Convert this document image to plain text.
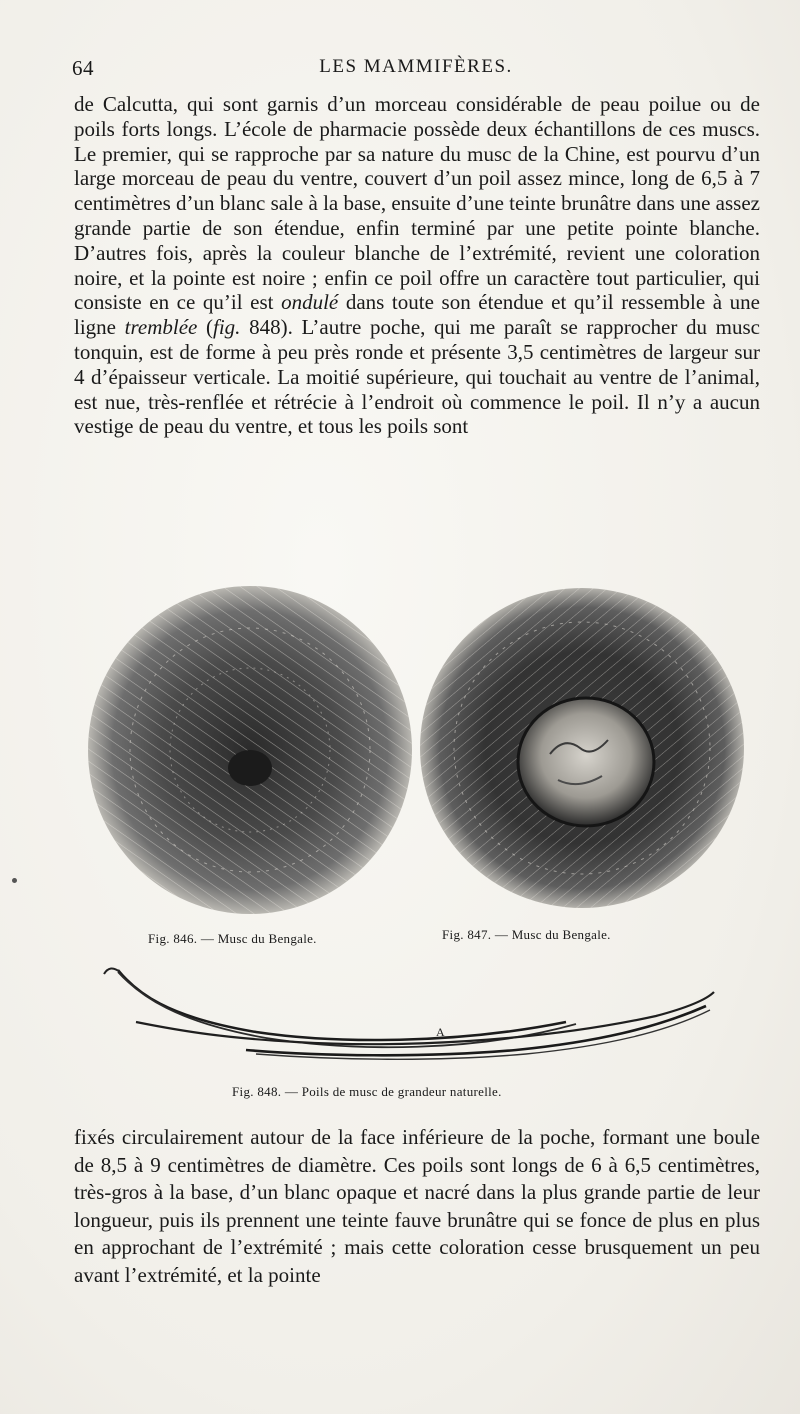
64	LES MAMMIFÈRES.

de Calcutta, qui sont garnis d’un morceau considérable de peau poilue ou de poils forts longs. L’école de pharmacie possède deux échantillons de ces muscs. Le premier, qui se rapproche par sa nature du musc de la Chine, est pourvu d’un large morceau de peau du ventre, couvert d’un poil assez mince, long de 6,5 à 7 centimètres d’un blanc sale à la base, ensuite d’une teinte brunâtre dans une assez grande partie de son étendue, enfin terminé par une petite pointe blanche. D’autres fois, après la couleur blanche de l’extrémité, revient une coloration noire, et la pointe est noire ; enfin ce poil offre un caractère tout particulier, qui consiste en ce qu’il est ondulé dans toute son étendue et qu’il ressemble à une ligne tremblée (fig. 848). L’autre poche, qui me paraît se rapprocher du musc tonquin, est de forme à peu près ronde et présente 3,5 centimètres de largeur sur 4 d’épaisseur verticale. La moitié supérieure, qui touchait au ventre de l’animal, est nue, très-renflée et rétrécie à l’endroit où commence le poil. Il n’y a aucun vestige de peau du ventre, et tous les poils sont

Fig. 846. — Musc du Bengale.	Fig. 847. — Musc du Bengale.
A
Fig. 848. — Poils de musc de grandeur naturelle.

fixés circulairement autour de la face inférieure de la poche, formant une boule de 8,5 à 9 centimètres de diamètre. Ces poils sont longs de 6 à 6,5 centimètres, très-gros à la base, d’un blanc opaque et nacré dans la plus grande partie de leur longueur, puis ils prennent une teinte fauve brunâtre qui se fonce de plus en plus en approchant de l’extrémité ; mais cette coloration cesse brusquement un peu avant l’extrémité, et la pointe
